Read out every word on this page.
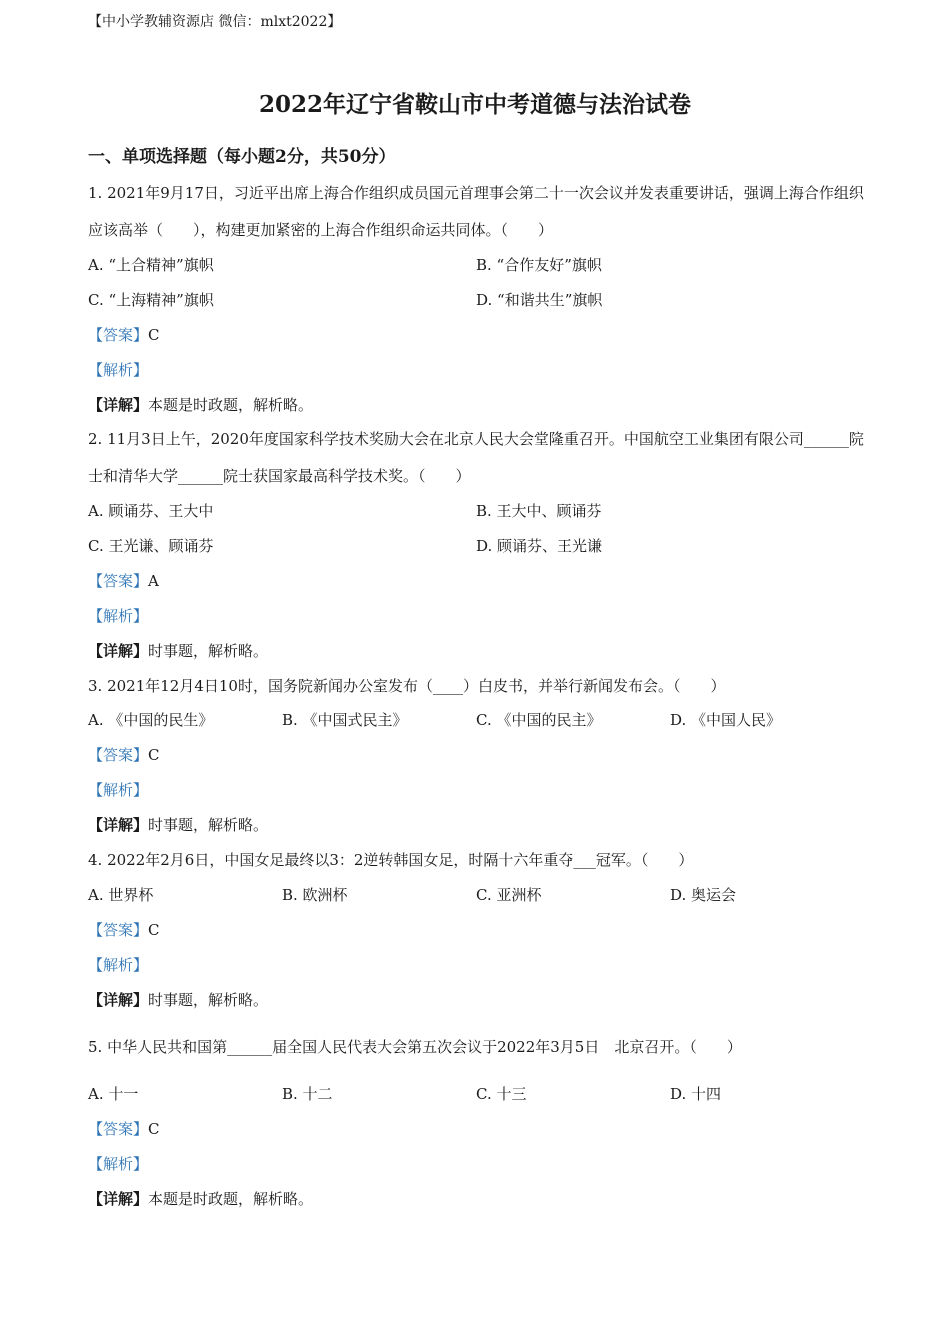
【中小学教辅资源店 微信：mlxt2022】
2022年辽宁省鞍山市中考道德与法治试卷
一、单项选择题（每小题2分，共50分）
1. 2021年9月17日，习近平出席上海合作组织成员国元首理事会第二十一次会议并发表重要讲话，强调上海合作组织应该高举（　　），构建更加紧密的上海合作组织命运共同体。（　　）
A. “上合精神”旗帜	B. “合作友好”旗帜
C. “上海精神”旗帜	D. “和谐共生”旗帜
【答案】C
【解析】
【详解】本题是时政题，解析略。
2. 11月3日上午，2020年度国家科学技术奖励大会在北京人民大会堂隆重召开。中国航空工业集团有限公司______院士和清华大学______院士获国家最高科学技术奖。（　　）
A. 顾诵芬、王大中	B. 王大中、顾诵芬
C. 王光谦、顾诵芬	D. 顾诵芬、王光谦
【答案】A
【解析】
【详解】时事题，解析略。
3. 2021年12月4日10时，国务院新闻办公室发布（____）白皮书，并举行新闻发布会。（　　）
A. 《中国的民生》	B. 《中国式民主》	C. 《中国的民主》	D. 《中国人民》
【答案】C
【解析】
【详解】时事题，解析略。
4. 2022年2月6日，中国女足最终以3：2逆转韩国女足，时隔十六年重夺___冠军。（　　）
A. 世界杯	B. 欧洲杯	C. 亚洲杯	D. 奥运会
【答案】C
【解析】
【详解】时事题，解析略。
5. 中华人民共和国第______届全国人民代表大会第五次会议于2022年3月5日　北京召开。（　　）
A. 十一	B. 十二	C. 十三	D. 十四
【答案】C
【解析】
【详解】本题是时政题，解析略。
